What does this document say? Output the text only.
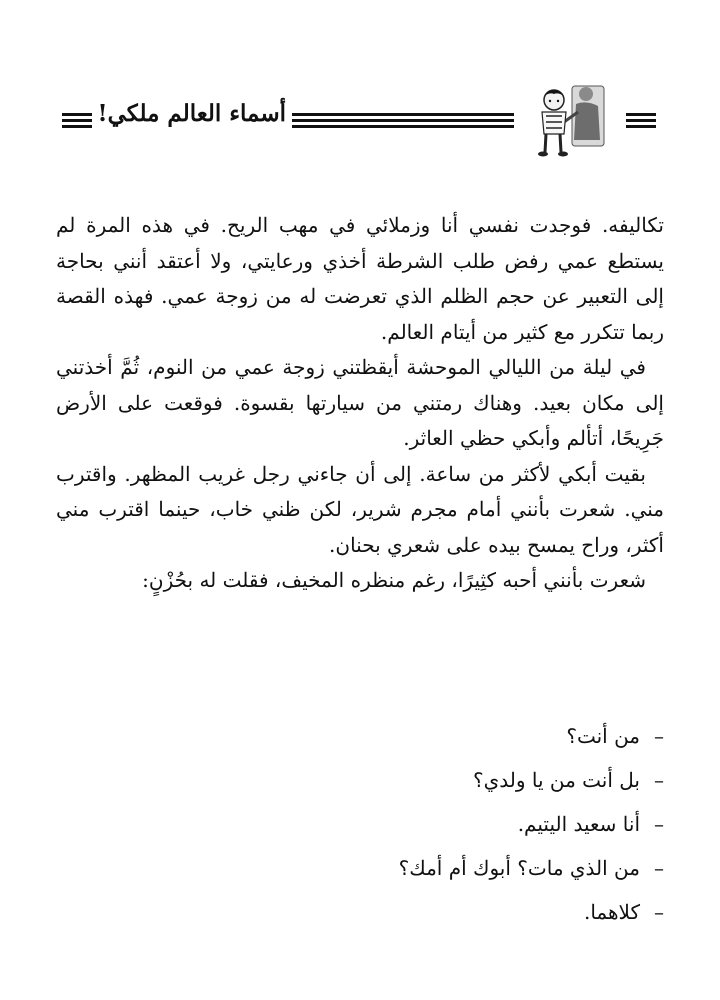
أسماء العالم ملكي!

تكاليفه. فوجدت نفسي أنا وزملائي في مهب الريح. في هذه المرة لم يستطع عمي رفض طلب الشرطة أخذي ورعايتي، ولا أعتقد أنني بحاجة إلى التعبير عن حجم الظلم الذي تعرضت له من زوجة عمي. فهذه القصة ربما تتكرر مع كثير من أيتام العالم.

في ليلة من الليالي الموحشة أيقظتني زوجة عمي من النوم، ثُمَّ أخذتني إلى مكان بعيد. وهناك رمتني من سيارتها بقسوة. فوقعت على الأرض جَرِيحًا، أتألم وأبكي حظي العاثر.

بقيت أبكي لأكثر من ساعة. إلى أن جاءني رجل غريب المظهر. واقترب مني. شعرت بأنني أمام مجرم شرير، لكن ظني خاب، حينما اقترب مني أكثر، وراح يمسح بيده على شعري بحنان.

شعرت بأنني أحبه كثِيرًا، رغم منظره المخيف، فقلت له بحُزْنٍ:

–من أنت؟
–بل أنت من يا ولدي؟
–أنا سعيد اليتيم.
–من الذي مات؟ أبوك أم أمك؟
–كلاهما.
